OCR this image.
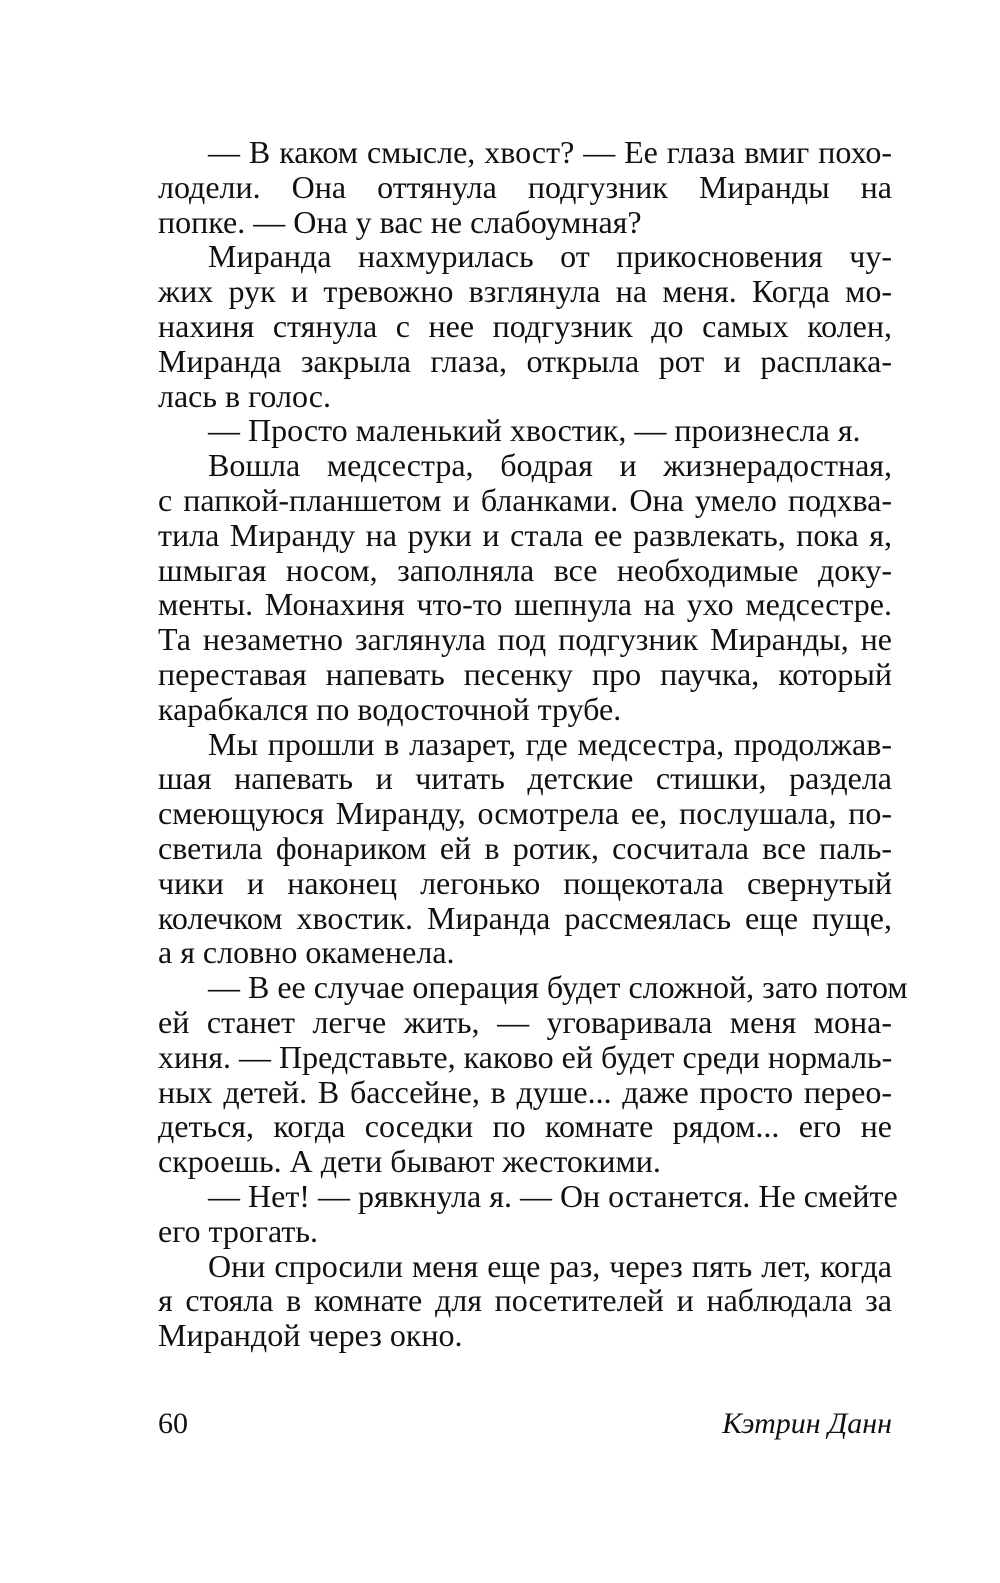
— В каком смысле, хвост? — Ее глаза вмиг похо-
лодели. Она оттянула подгузник Миранды на
попке. — Она у вас не слабоумная?
Миранда нахмурилась от прикосновения чу-
жих рук и тревожно взглянула на меня. Когда мо-
нахиня стянула с нее подгузник до самых колен,
Миранда закрыла глаза, открыла рот и расплака-
лась в голос.
— Просто маленький хвостик, — произнесла я.
Вошла медсестра, бодрая и жизнерадостная,
с папкой-планшетом и бланками. Она умело подхва-
тила Миранду на руки и стала ее развлекать, пока я,
шмыгая носом, заполняла все необходимые доку-
менты. Монахиня что-то шепнула на ухо медсестре.
Та незаметно заглянула под подгузник Миранды, не
переставая напевать песенку про паучка, который
карабкался по водосточной трубе.
Мы прошли в лазарет, где медсестра, продолжав-
шая напевать и читать детские стишки, раздела
смеющуюся Миранду, осмотрела ее, послушала, по-
светила фонариком ей в ротик, сосчитала все паль-
чики и наконец легонько пощекотала свернутый
колечком хвостик. Миранда рассмеялась еще пуще,
а я словно окаменела.
— В ее случае операция будет сложной, зато потом
ей станет легче жить, — уговаривала меня мона-
хиня. — Представьте, каково ей будет среди нормаль-
ных детей. В бассейне, в душе... даже просто перео-
деться, когда соседки по комнате рядом... его не
скроешь. А дети бывают жестокими.
— Нет! — рявкнула я. — Он останется. Не смейте
его трогать.
Они спросили меня еще раз, через пять лет, когда
я стояла в комнате для посетителей и наблюдала за
Мирандой через окно.
60	Кэтрин Данн
